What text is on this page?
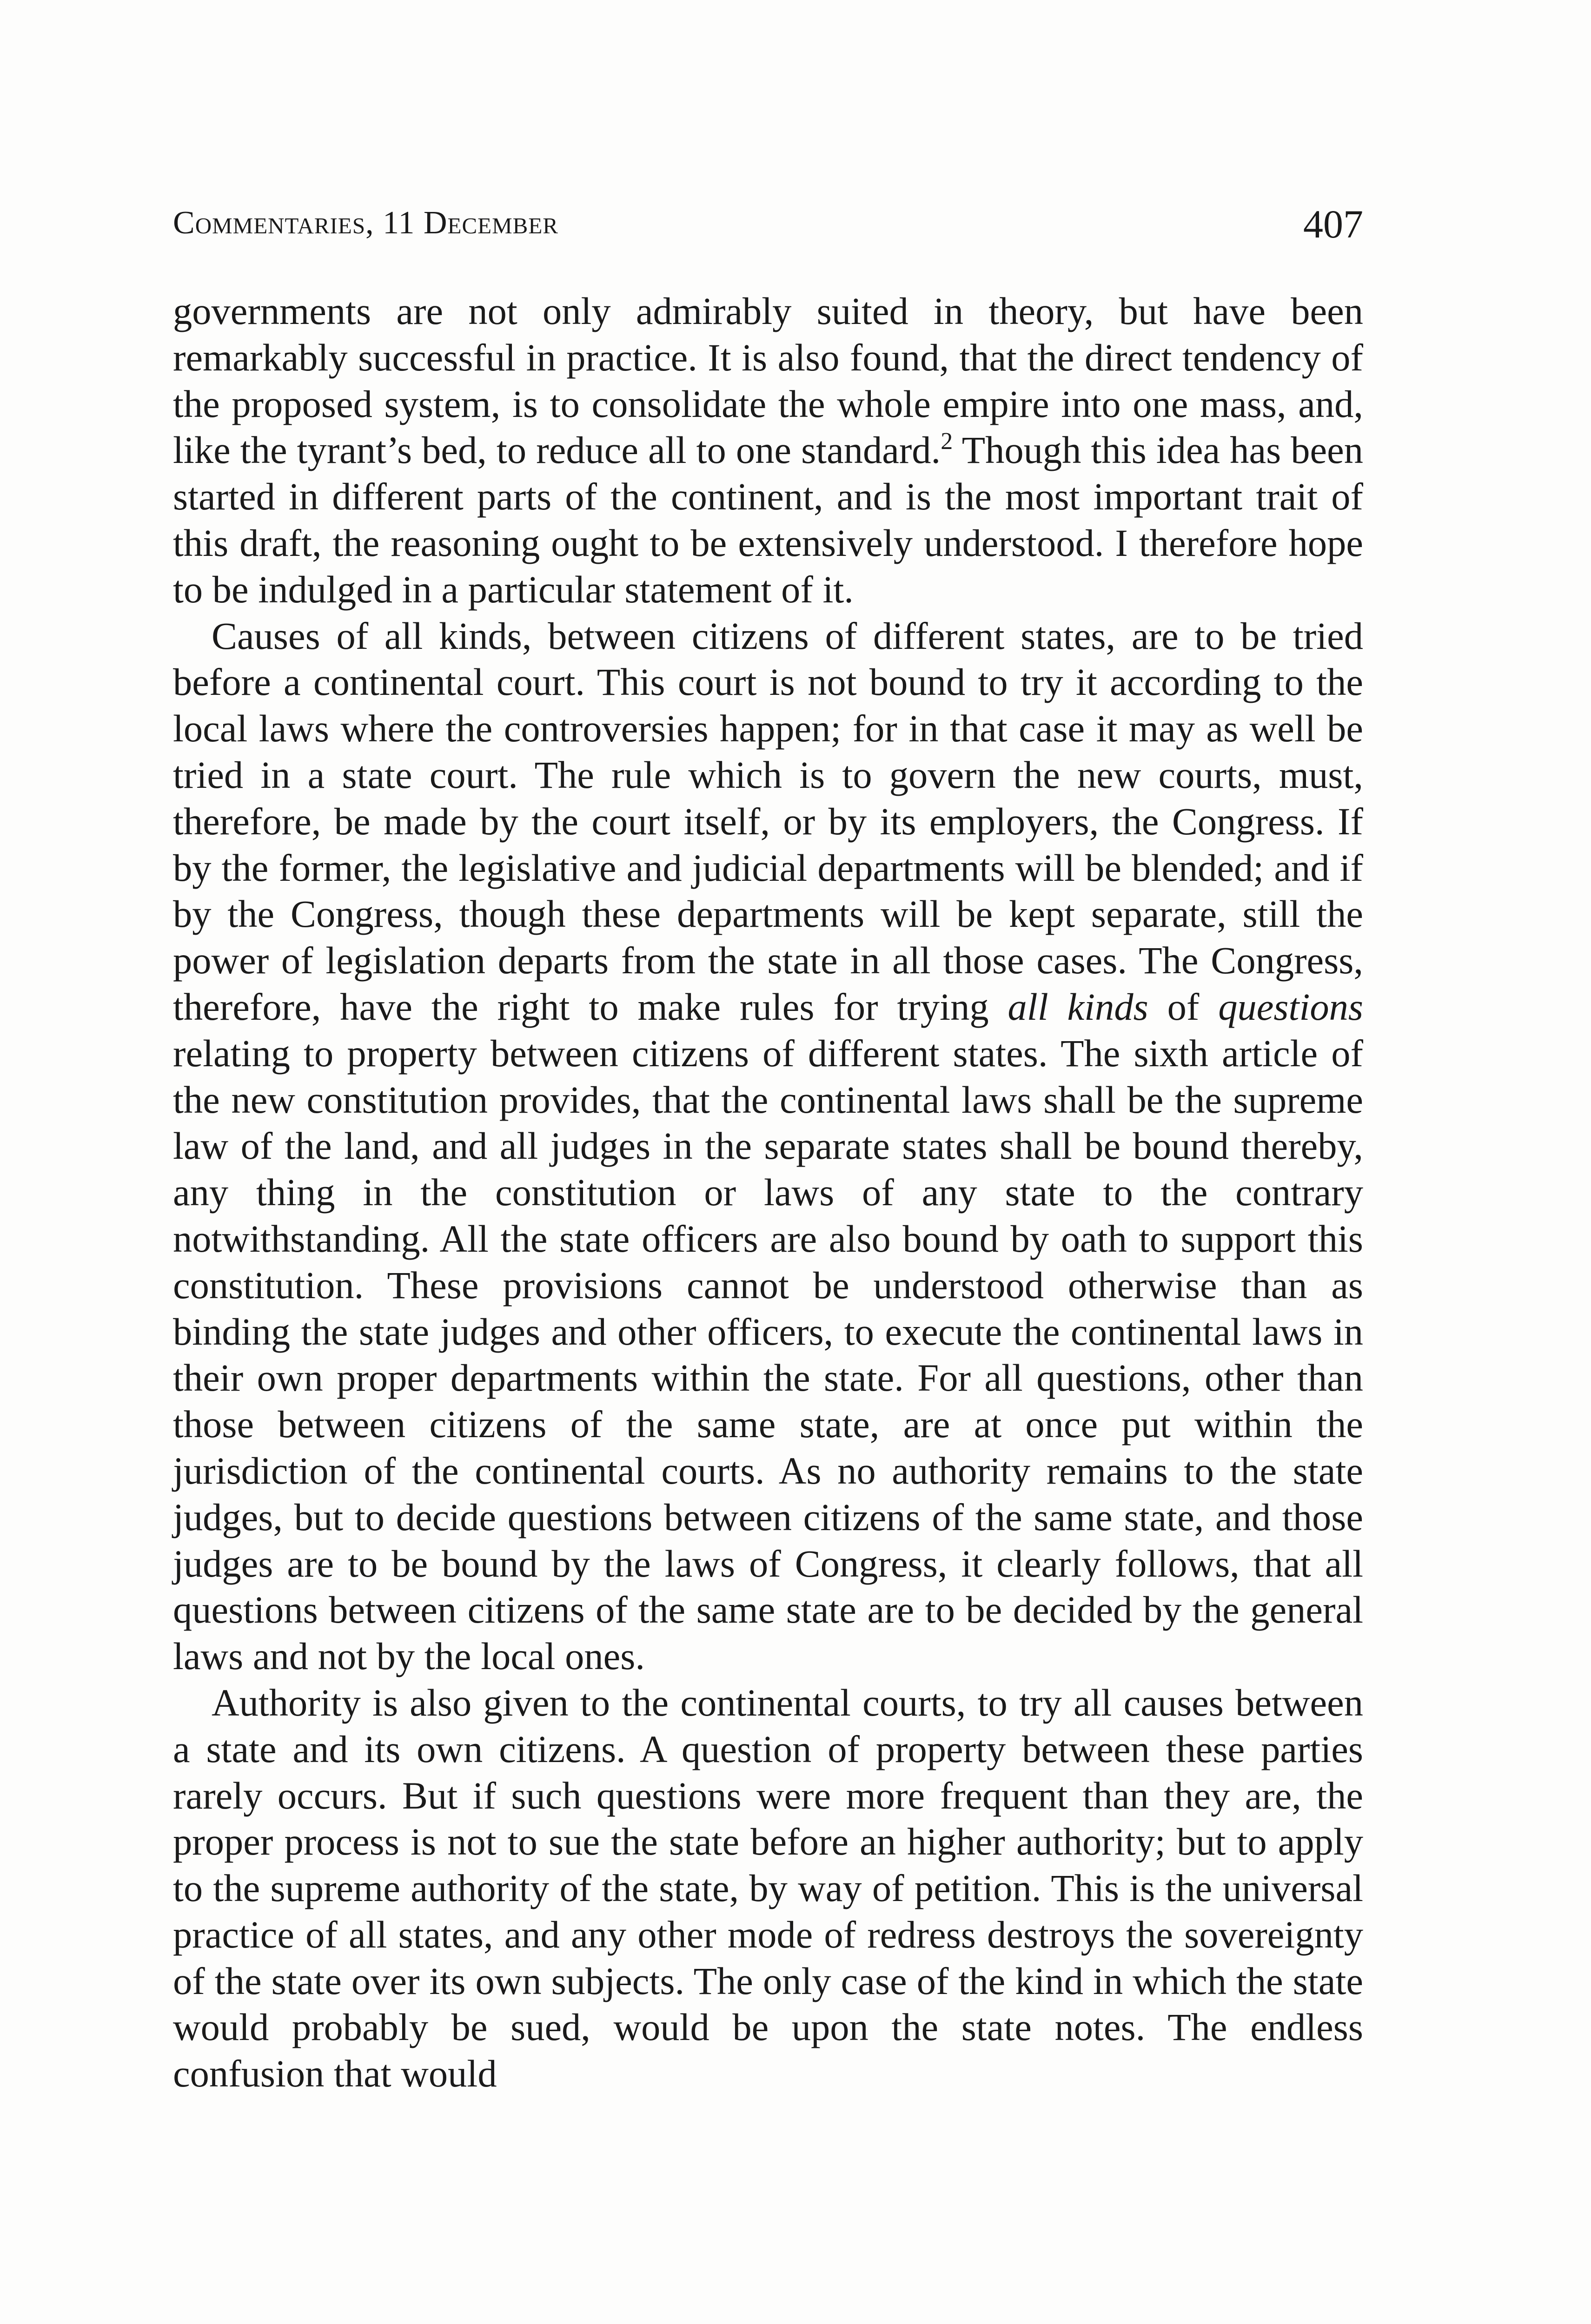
Commentaries, 11 December	407

governments are not only admirably suited in theory, but have been remarkably successful in practice. It is also found, that the direct tendency of the proposed system, is to consolidate the whole empire into one mass, and, like the tyrant’s bed, to reduce all to one standard.$^2$ Though this idea has been started in different parts of the continent, and is the most important trait of this draft, the reasoning ought to be extensively understood. I therefore hope to be indulged in a particular statement of it.

Causes of all kinds, between citizens of different states, are to be tried before a continental court. This court is not bound to try it according to the local laws where the controversies happen; for in that case it may as well be tried in a state court. The rule which is to govern the new courts, must, therefore, be made by the court itself, or by its employers, the Congress. If by the former, the legislative and judicial departments will be blended; and if by the Congress, though these departments will be kept separate, still the power of legislation departs from the state in all those cases. The Congress, therefore, have the right to make rules for trying all kinds of questions relating to property between citizens of different states. The sixth article of the new constitution provides, that the continental laws shall be the supreme law of the land, and all judges in the separate states shall be bound thereby, any thing in the constitution or laws of any state to the contrary notwithstanding. All the state officers are also bound by oath to support this constitution. These provisions cannot be understood otherwise than as binding the state judges and other officers, to execute the continental laws in their own proper departments within the state. For all questions, other than those between citizens of the same state, are at once put within the jurisdiction of the continental courts. As no authority remains to the state judges, but to decide questions between citizens of the same state, and those judges are to be bound by the laws of Congress, it clearly follows, that all questions between citizens of the same state are to be decided by the general laws and not by the local ones.

Authority is also given to the continental courts, to try all causes between a state and its own citizens. A question of property between these parties rarely occurs. But if such questions were more frequent than they are, the proper process is not to sue the state before an higher authority; but to apply to the supreme authority of the state, by way of petition. This is the universal practice of all states, and any other mode of redress destroys the sovereignty of the state over its own subjects. The only case of the kind in which the state would probably be sued, would be upon the state notes. The endless confusion that would
